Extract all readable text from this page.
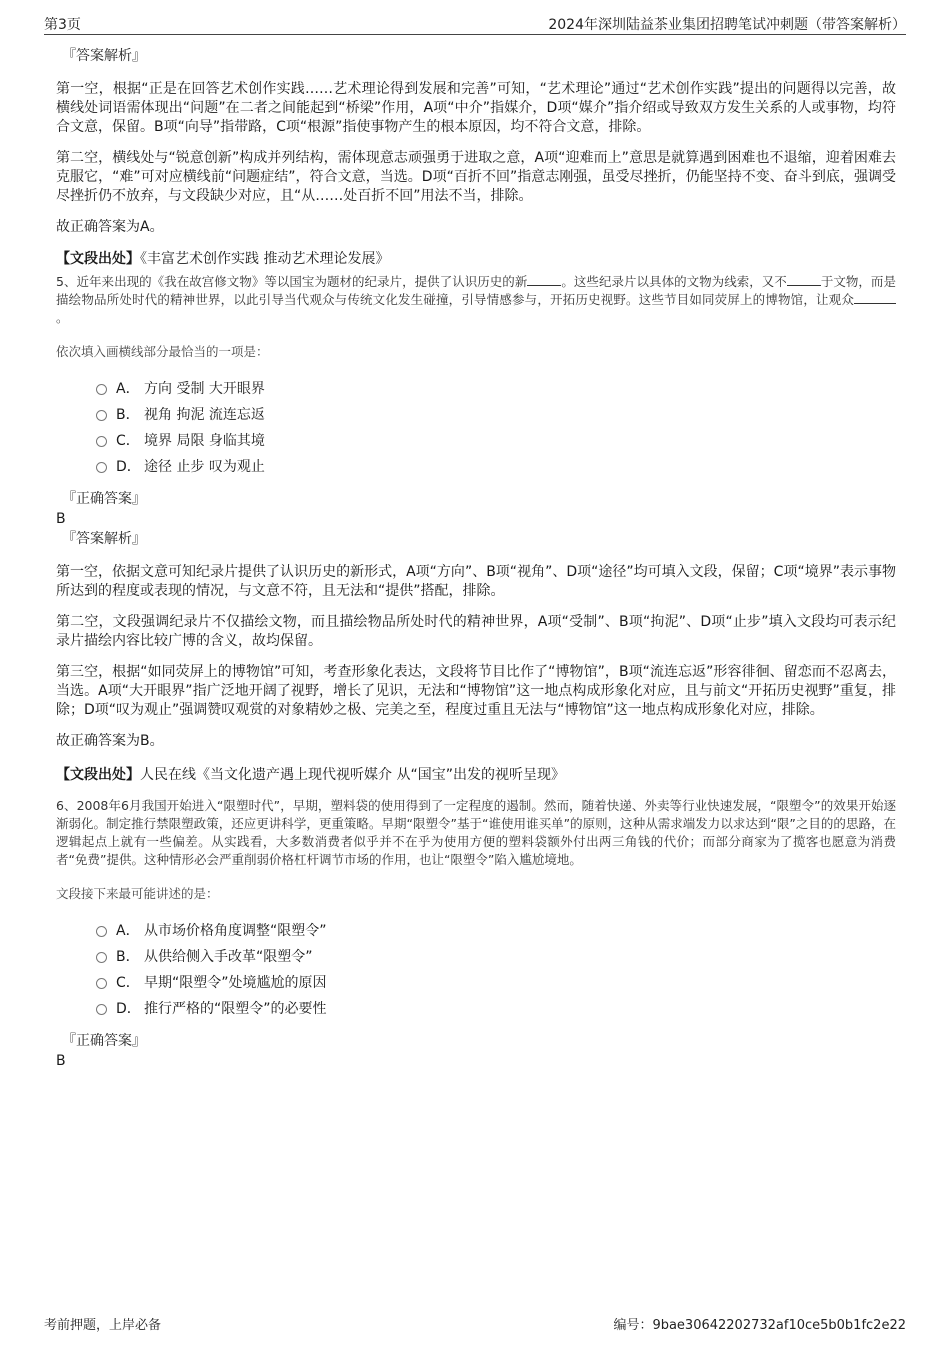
第3页	2024年深圳陆益茶业集团招聘笔试冲刺题（带答案解析）

『答案解析』

第一空，根据“正是在回答艺术创作实践……艺术理论得到发展和完善”可知，“艺术理论”通过“艺术创作实践”提出的问题得以完善，故横线处词语需体现出“问题”在二者之间能起到“桥梁”作用，A项“中介”指媒介，D项“媒介”指介绍或导致双方发生关系的人或事物，均符合文意，保留。B项“向导”指带路，C项“根源”指使事物产生的根本原因，均不符合文意，排除。

第二空，横线处与“锐意创新”构成并列结构，需体现意志顽强勇于进取之意，A项“迎难而上”意思是就算遇到困难也不退缩，迎着困难去克服它，“难”可对应横线前“问题症结”，符合文意，当选。D项“百折不回”指意志刚强，虽受尽挫折，仍能坚持不变、奋斗到底，强调受尽挫折仍不放弃，与文段缺少对应，且“从……处百折不回”用法不当，排除。

故正确答案为A。

【文段出处】《丰富艺术创作实践 推动艺术理论发展》

5、近年来出现的《我在故宫修文物》等以国宝为题材的纪录片，提供了认识历史的新	。这些纪录片以具体的文物为线索，又不	于文物，而是描绘物品所处时代的精神世界，以此引导当代观众与传统文化发生碰撞，引导情感参与，开拓历史视野。这些节目如同荧屏上的博物馆，让观众。

依次填入画横线部分最恰当的一项是：

A． 方向 受制 大开眼界
B． 视角 拘泥 流连忘返
C． 境界 局限 身临其境
D． 途径 止步 叹为观止

『正确答案』

B

『答案解析』

第一空，依据文意可知纪录片提供了认识历史的新形式，A项“方向”、B项“视角”、D项“途径”均可填入文段，保留；C项“境界”表示事物所达到的程度或表现的情况，与文意不符，且无法和“提供”搭配，排除。

第二空，文段强调纪录片不仅描绘文物，而且描绘物品所处时代的精神世界，A项“受制”、B项“拘泥”、D项“止步”填入文段均可表示纪录片描绘内容比较广博的含义，故均保留。

第三空，根据“如同荧屏上的博物馆”可知，考查形象化表达，文段将节目比作了“博物馆”，B项“流连忘返”形容徘徊、留恋而不忍离去，当选。A项“大开眼界”指广泛地开阔了视野，增长了见识，无法和“博物馆”这一地点构成形象化对应，且与前文“开拓历史视野”重复，排除；D项“叹为观止”强调赞叹观赏的对象精妙之极、完美之至，程度过重且无法与“博物馆”这一地点构成形象化对应，排除。

故正确答案为B。

【文段出处】人民在线《当文化遗产遇上现代视听媒介 从“国宝”出发的视听呈现》

6、2008年6月我国开始进入“限塑时代”，早期，塑料袋的使用得到了一定程度的遏制。然而，随着快递、外卖等行业快速发展，“限塑令”的效果开始逐渐弱化。制定推行禁限塑政策，还应更讲科学，更重策略。早期“限塑令”基于“谁使用谁买单”的原则，这种从需求端发力以求达到“限”之目的的思路，在逻辑起点上就有一些偏差。从实践看，大多数消费者似乎并不在乎为使用方便的塑料袋额外付出两三角钱的代价；而部分商家为了揽客也愿意为消费者“免费”提供。这种情形必会严重削弱价格杠杆调节市场的作用，也让“限塑令”陷入尴尬境地。

文段接下来最可能讲述的是：

A． 从市场价格角度调整“限塑令”
B． 从供给侧入手改革“限塑令”
C． 早期“限塑令”处境尴尬的原因
D． 推行严格的“限塑令”的必要性

『正确答案』

B

考前押题，上岸必备	编号：9bae30642202732af10ce5b0b1fc2e22
